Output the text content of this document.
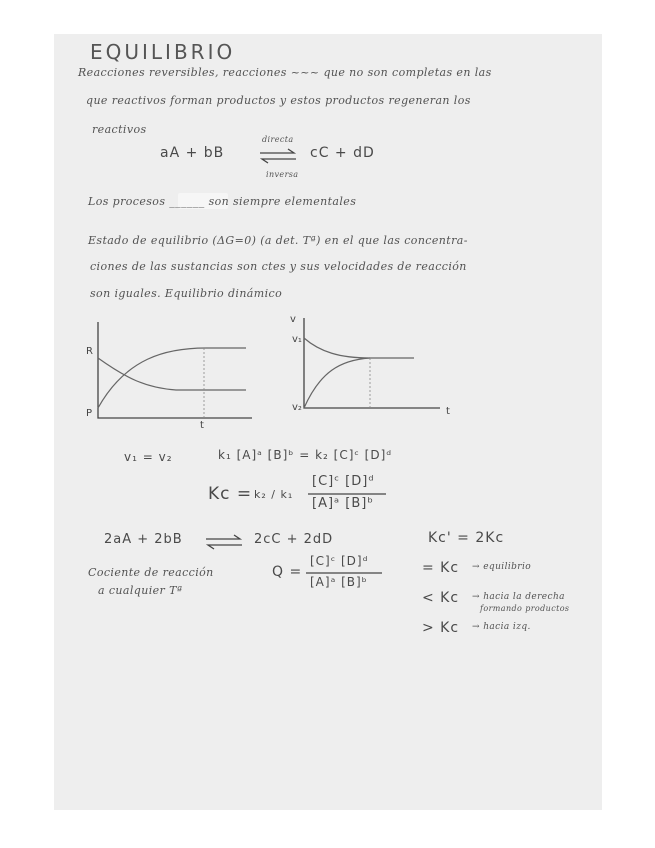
EQUILIBRIO
Reacciones reversibles, reacciones ~~~ que no son completas en las
que reactivos forman productos y estos productos regeneran los
reactivos
aA + bB
directa
inversa
cC + dD
Los procesos ______ son siempre elementales
Estado de equilibrio (ΔG=0) (a det. Tª) en el que las concentra-
ciones de las sustancias son ctes y sus velocidades de reacción
son iguales. Equilibrio dinámico
R
P
t
v
v₁
v₂	t
v₁ = v₂	k₁ [A]ᵃ [B]ᵇ = k₂ [C]ᶜ [D]ᵈ
Kc = k₂ / k₁
[C]ᶜ [D]ᵈ
[A]ᵃ [B]ᵇ
2aA + 2bB	2cC + 2dD	Kc' = 2Kc
Cociente de reacción
a cualquier Tª
Q =
[C]ᶜ [D]ᵈ
[A]ᵃ [B]ᵇ
= Kc → equilibrio
< Kc → hacia la derecha
formando productos
> Kc → hacia izq.
